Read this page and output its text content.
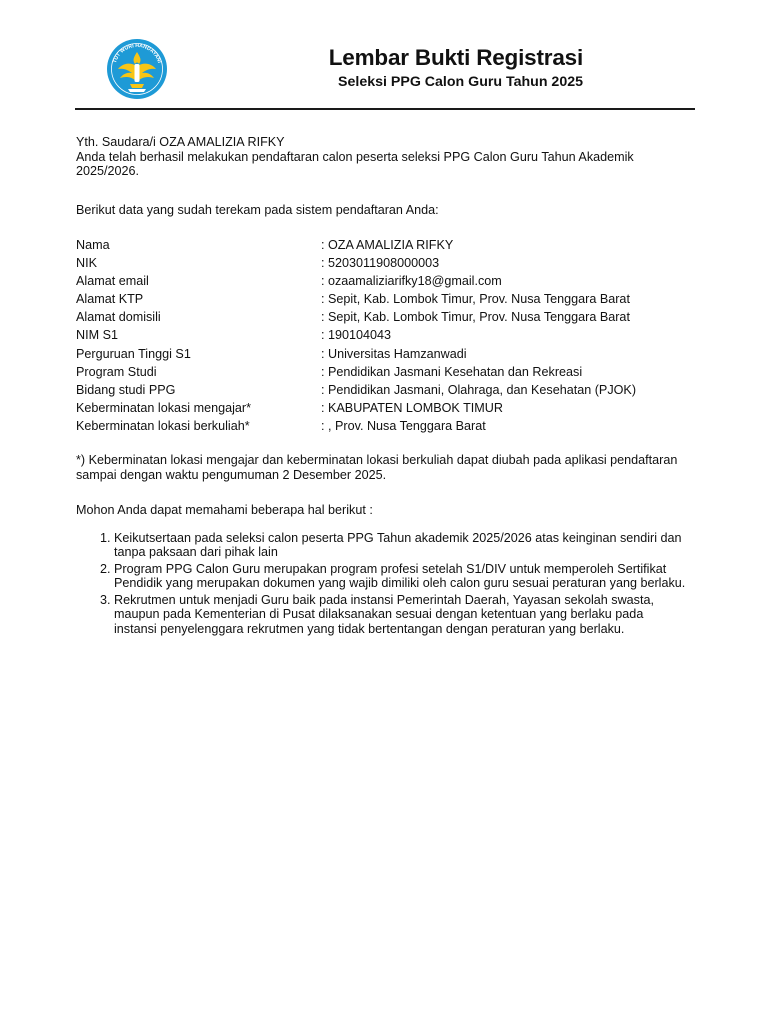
TUT WURI HANDAYANI	Lembar Bukti Registrasi

Seleksi PPG Calon Guru Tahun 2025

Yth. Saudara/i OZA AMALIZIA RIFKY

Anda telah berhasil melakukan pendaftaran calon peserta seleksi PPG Calon Guru Tahun Akademik 2025/2026.

Berikut data yang sudah terekam pada sistem pendaftaran Anda:

Nama	: OZA AMALIZIA RIFKY
NIK	: 5203011908000003
Alamat email	: ozaamaliziarifky18@gmail.com
Alamat KTP	: Sepit, Kab. Lombok Timur, Prov. Nusa Tenggara Barat
Alamat domisili	: Sepit, Kab. Lombok Timur, Prov. Nusa Tenggara Barat
NIM S1	: 190104043
Perguruan Tinggi S1	: Universitas Hamzanwadi
Program Studi	: Pendidikan Jasmani Kesehatan dan Rekreasi
Bidang studi PPG	: Pendidikan Jasmani, Olahraga, dan Kesehatan (PJOK)
Keberminatan lokasi mengajar*	: KABUPATEN LOMBOK TIMUR
Keberminatan lokasi berkuliah*	: , Prov. Nusa Tenggara Barat

*) Keberminatan lokasi mengajar dan keberminatan lokasi berkuliah dapat diubah pada aplikasi pendaftaran sampai dengan waktu pengumuman 2 Desember 2025.

Mohon Anda dapat memahami beberapa hal berikut :

1. Keikutsertaan pada seleksi calon peserta PPG Tahun akademik 2025/2026 atas keinginan sendiri dan tanpa paksaan dari pihak lain
2. Program PPG Calon Guru merupakan program profesi setelah S1/DIV untuk memperoleh Sertifikat Pendidik yang merupakan dokumen yang wajib dimiliki oleh calon guru sesuai peraturan yang berlaku.
3. Rekrutmen untuk menjadi Guru baik pada instansi Pemerintah Daerah, Yayasan sekolah swasta, maupun pada Kementerian di Pusat dilaksanakan sesuai dengan ketentuan yang berlaku pada instansi penyelenggara rekrutmen yang tidak bertentangan dengan peraturan yang berlaku.
